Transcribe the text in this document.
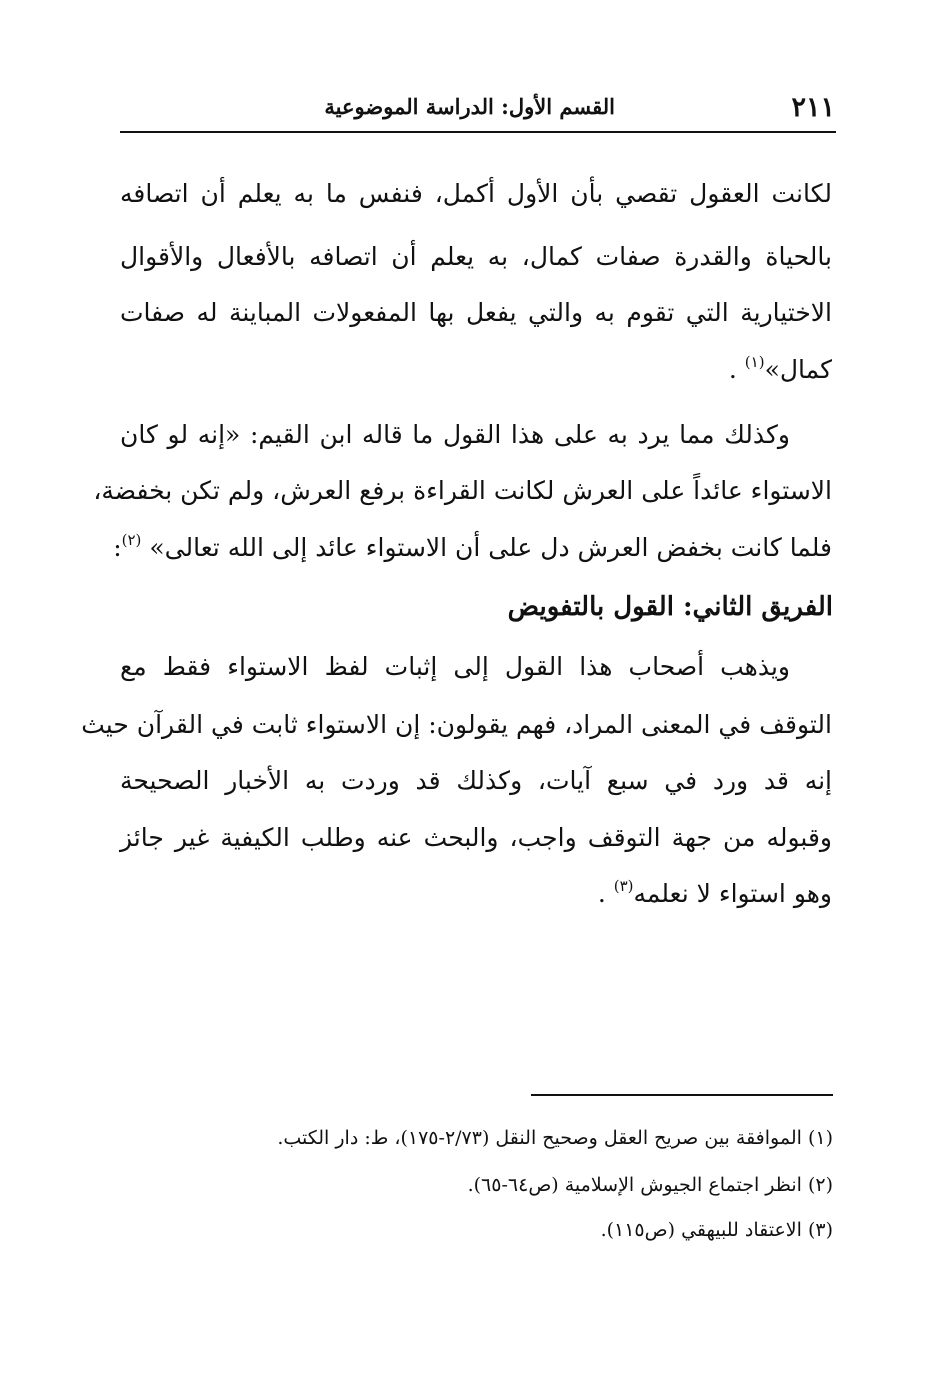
٢١١
القسم الأول: الدراسة الموضوعية
لكانت العقول تقصي بأن الأول أكمل، فنفس ما به يعلم أن اتصافه
بالحياة والقدرة صفات كمال، به يعلم أن اتصافه بالأفعال والأقوال
الاختيارية التي تقوم به والتي يفعل بها المفعولات المباينة له صفات
كمال»$^{(١)}$ .
وكذلك مما يرد به على هذا القول ما قاله ابن القيم: «إنه لو كان
الاستواء عائداً على العرش لكانت القراءة برفع العرش، ولم تكن بخفضة،
فلما كانت بخفض العرش دل على أن الاستواء عائد إلى الله تعالى» $^{(٢)}$:
الفريق الثاني: القول بالتفويض
ويذهب أصحاب هذا القول إلى إثبات لفظ الاستواء فقط مع
التوقف في المعنى المراد، فهم يقولون: إن الاستواء ثابت في القرآن حيث
إنه قد ورد في سبع آيات، وكذلك قد وردت به الأخبار الصحيحة
وقبوله من جهة التوقف واجب، والبحث عنه وطلب الكيفية غير جائز
وهو استواء لا نعلمه$^{(٣)}$ .
(١) الموافقة بين صريح العقل وصحيح النقل (٢/٧٣-١٧٥)، ط: دار الكتب.
(٢) انظر اجتماع الجيوش الإسلامية (ص٦٤-٦٥).
(٣) الاعتقاد للبيهقي (ص١١٥).
